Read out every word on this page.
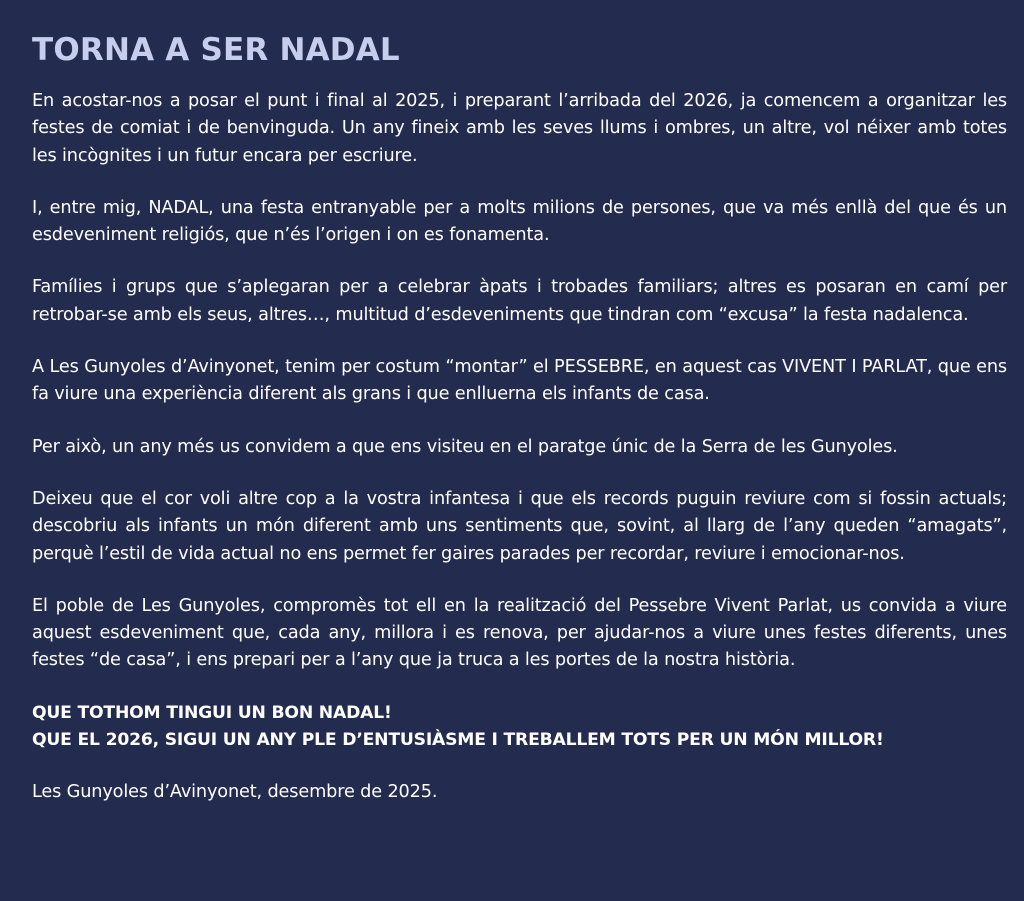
TORNA A SER NADAL

En acostar-nos a posar el punt i final al 2025, i preparant l’arribada del 2026, ja comencem a organitzar les festes de comiat i de benvinguda. Un any fineix amb les seves llums i ombres, un altre, vol néixer amb totes les incògnites i un futur encara per escriure.

I, entre mig, NADAL, una festa entranyable per a molts milions de persones, que va més enllà del que és un esdeveniment religiós, que n’és l’origen i on es fonamenta.

Famílies i grups que s’aplegaran per a celebrar àpats i trobades familiars; altres es posaran en camí per retrobar-se amb els seus, altres…, multitud d’esdeveniments que tindran com “excusa” la festa nadalenca.

A Les Gunyoles d’Avinyonet, tenim per costum “montar” el PESSEBRE, en aquest cas VIVENT I PARLAT, que ens fa viure una experiència diferent als grans i que enlluerna els infants de casa.

Per això, un any més us convidem a que ens visiteu en el paratge únic de la Serra de les Gunyoles.

Deixeu que el cor voli altre cop a la vostra infantesa i que els records puguin reviure com si fossin actuals; descobriu als infants un món diferent amb uns sentiments que, sovint, al llarg de l’any queden “amagats”, perquè l’estil de vida actual no ens permet fer gaires parades per recordar, reviure i emocionar-nos.

El poble de Les Gunyoles, compromès tot ell en la realització del Pessebre Vivent Parlat, us convida a viure aquest esdeveniment que, cada any, millora i es renova, per ajudar-nos a viure unes festes diferents, unes festes “de casa”, i ens prepari per a l’any que ja truca a les portes de la nostra història.

QUE TOTHOM TINGUI UN BON NADAL!
QUE EL 2026, SIGUI UN ANY PLE D’ENTUSIÀSME I TREBALLEM TOTS PER UN MÓN MILLOR!

Les Gunyoles d’Avinyonet, desembre de 2025.
